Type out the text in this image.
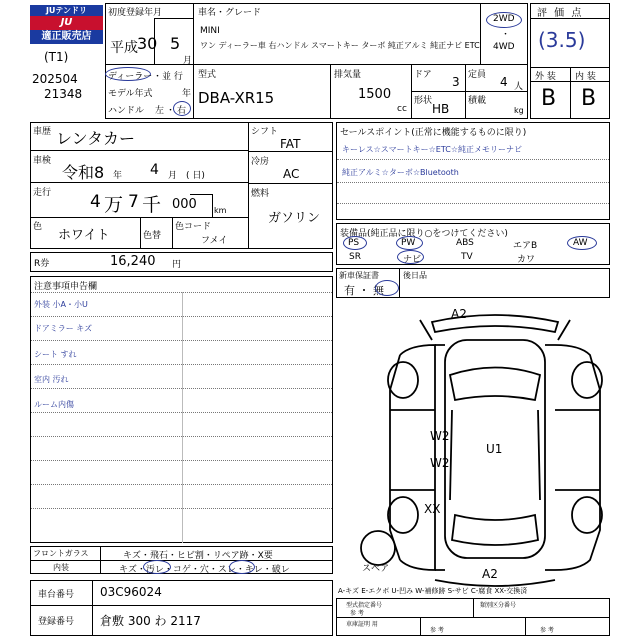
JUテンドリ
JU
適正販売店
(T1)
202504
21348
初度登録年月
平成 30 5
月
車名・グレード
MINI
ワン ディーラー車 右ハンドル スマートキー ターボ 純正アルミ 純正ナビ ETC
2WD
・
4WD
評 価 点
(3.5)
外 装 内 装
B B
ディーラー ・並 行
モデル年式	年
ハンドル 左 ・ 右
型式
DBA-XR15
排気量
1500
cc
ドア 3 定員 4 人
形状
HB
積載
kg
車歴 レンタカー
車検
令和8 年 4 月 ( 日)
走行 4 万 7 千 000 km
色
ホワイト	色替
色コード
フメイ
シフト
FAT
冷房
AC
燃料
ガソリン
R券	16,240 円
注意事項申告欄
外装 小A・小U
ドアミラー キズ
シート すれ
室内 汚れ
ルーム内傷
セールスポイント(正常に機能するものに限り)
キーレス☆スマートキー☆ETC☆純正メモリーナビ
純正アルミ☆ターボ☆Bluetooth
装備品(純正品に限り○をつけてください)
PS	PW	ABS	エアB	AW
SR	ナビ	TV	カワ
新車保証書
有 ・ 無
後日品
A2
W2
W2
U1
XX
A2
スペア
A-キズ E-エクボ U-凹み W-補修跡 S-サビ C-腐食 XX-交換済
型式指定番号	類別区分番号
参 考
車庫証明 用
参 考	参 考
フロントガラス	キズ・飛石・ヒビ割・リペア跡・X要
内装	キズ・汚レ・コゲ・穴・スレ・キレ・破レ
車台番号 03C96024
登録番号 倉敷 300 わ 2117
